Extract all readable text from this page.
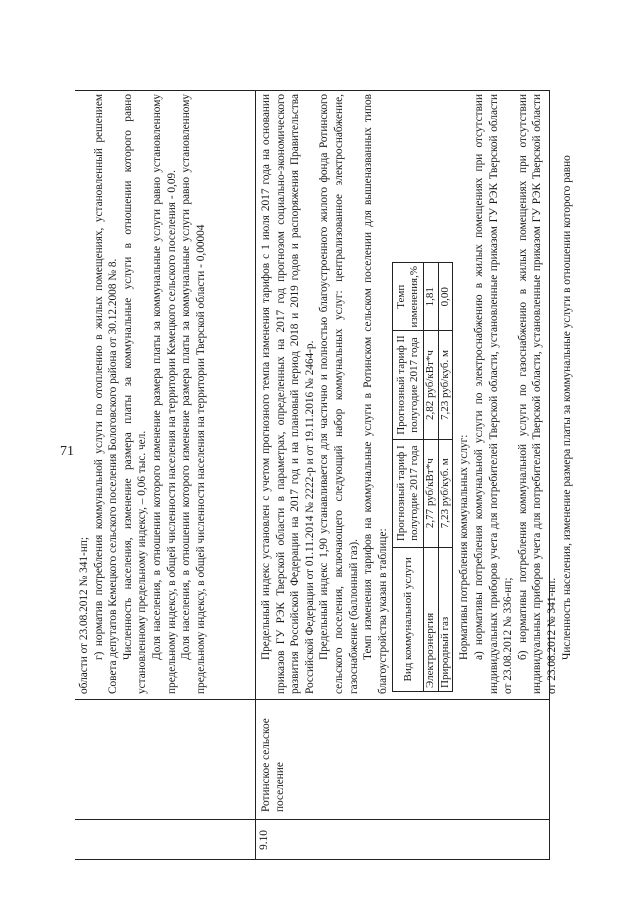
71

области от 23.08.2012 № 341-нп; г) норматив потребления коммунальной услуги по отоплению в жилых помещениях, установленный решением Совета депутатов Кемецкого сельского поселения Бологовского района от 30.12.2008 № 8. Численность населения, изменение размера платы за коммунальные услуги в отношении которого равно установленному предельному индексу, – 0,06 тыс. чел. Доля населения, в отношении которого изменение размера платы за коммунальные услуги равно установленному предельному индексу, в общей численности населения на территории Кемецкого сельского поселения - 0,09. Доля населения, в отношении которого изменение размера платы за коммунальные услуги равно установленному предельному индексу, в общей численности населения на территории Тверской области - 0,00004

9.10
Ротинское сельское поселение

Предельный индекс установлен с учетом прогнозного темпа изменения тарифов с 1 июля 2017 года на основании приказов ГУ РЭК Тверской области в параметрах, определенных на 2017 год прогнозом социально-экономического развития Российской Федерации на 2017 год и на плановый период 2018 и 2019 годов и распоряжения Правительства Российской Федерации от 01.11.2014 № 2222-р и от 19.11.2016 № 2464-р. Предельный индекс 1,90 устанавливается для частично и полностью благоустроенного жилого фонда Ротинского сельского поселения, включающего следующий набор коммунальных услуг: централизованное электроснабжение, газоснабжение (баллонный газ). Темп изменения тарифов на коммунальные услуги в Ротинском сельском поселении для вышеназванных типов благоустройства указан в таблице: Вид коммунальной услуги	Прогнозный тариф I полугодие 2017 года	Прогнозный тариф II полугодие 2017 года	Темп изменения,%
Электроэнергия	2,77 руб/кВт*ч	2,82 руб/кВт*ч	1,81
Природный газ	7,23 руб/куб. м	7,23 руб/куб. м	0,00

Нормативы потребления коммунальных услуг: а) нормативы потребления коммунальной услуги по электроснабжению в жилых помещениях при отсутствии индивидуальных приборов учета для потребителей Тверской области, установленные приказом ГУ РЭК Тверской области от 23.08.2012 № 336-нп; б) нормативы потребления коммунальной услуги по газоснабжению в жилых помещениях при отсутствии индивидуальных приборов учета для потребителей Тверской области, установленные приказом ГУ РЭК Тверской области от 23.08.2012 № 341-нп. Численность населения, изменение размера платы за коммунальные услуги в отношении которого равно
